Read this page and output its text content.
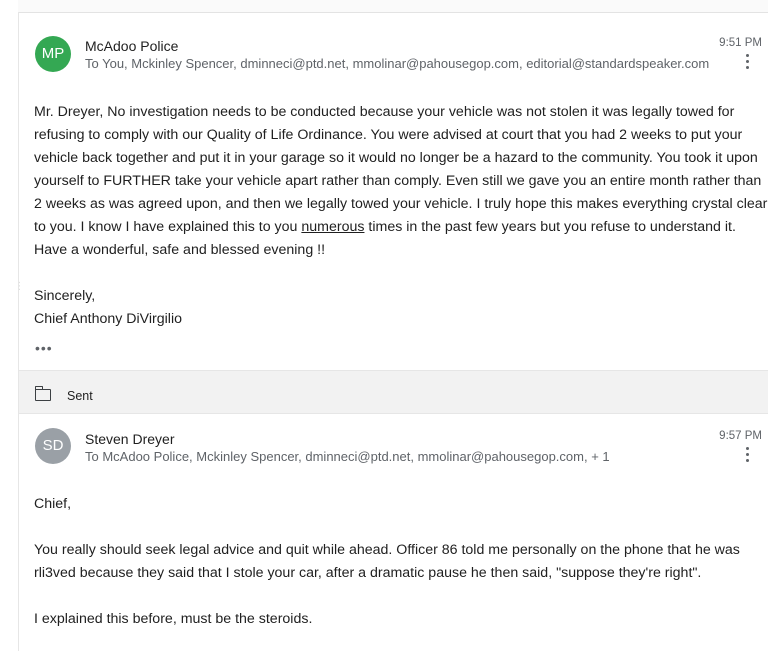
⋮
MP	McAdoo Police
To You, Mckinley Spencer, dminneci@ptd.net, mmolinar@pahousegop.com, editorial@standardspeaker.com
9:51 PM

Mr. Dreyer, No investigation needs to be conducted because your vehicle was not stolen it was legally towed for refusing to comply with our Quality of Life Ordinance. You were advised at court that you had 2 weeks to put your vehicle back together and put it in your garage so it would no longer be a hazard to the community. You took it upon yourself to FURTHER take your vehicle apart rather than comply. Even still we gave you an entire month rather than 2 weeks as was agreed upon, and then we legally towed your vehicle. I truly hope this makes everything crystal clear to you. I know I have explained this to you numerous times in the past few years but you refuse to understand it. Have a wonderful, safe and blessed evening !!

Sincerely,

Chief Anthony DiVirgilio

•••
Sent
SD	Steven Dreyer
To McAdoo Police, Mckinley Spencer, dminneci@ptd.net, mmolinar@pahousegop.com, + 1
9:57 PM

Chief,

You really should seek legal advice and quit while ahead. Officer 86 told me personally on the phone that he was rli3ved because they said that I stole your car, after a dramatic pause he then said, "suppose they're right".

I explained this before, must be the steroids.
